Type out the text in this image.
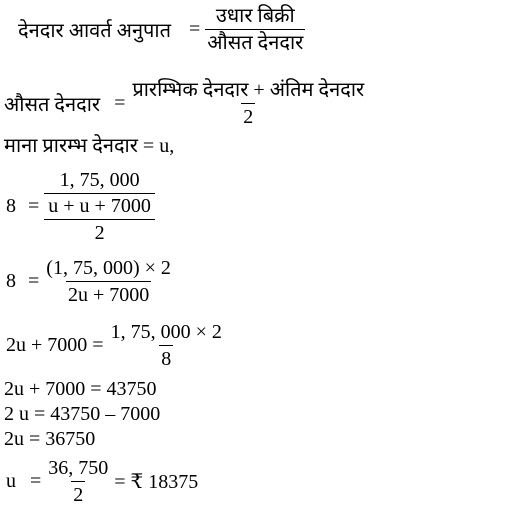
देनदार आवर्त अनुपात = $\frac{\text{उधार बिक्री}}{\text{औसत देनदार}}$
औसत देनदार = $\frac{\text{प्रारम्भिक देनदार + अंतिम देनदार}}{2}$
माना प्रारम्भ देनदार = u,
$8 = \frac{1, 75, 000}{\frac{u + u + 7000}{2}}$
$8 = \frac{(1, 75, 000) \times 2}{2u + 7000}$
$2u + 7000 = \frac{1, 75, 000 \times 2}{8}$
2u + 7000 = 43750
2 u = 43750 – 7000
2u = 36750
$u = \frac{36, 750}{2}$ = ₹ 18375
